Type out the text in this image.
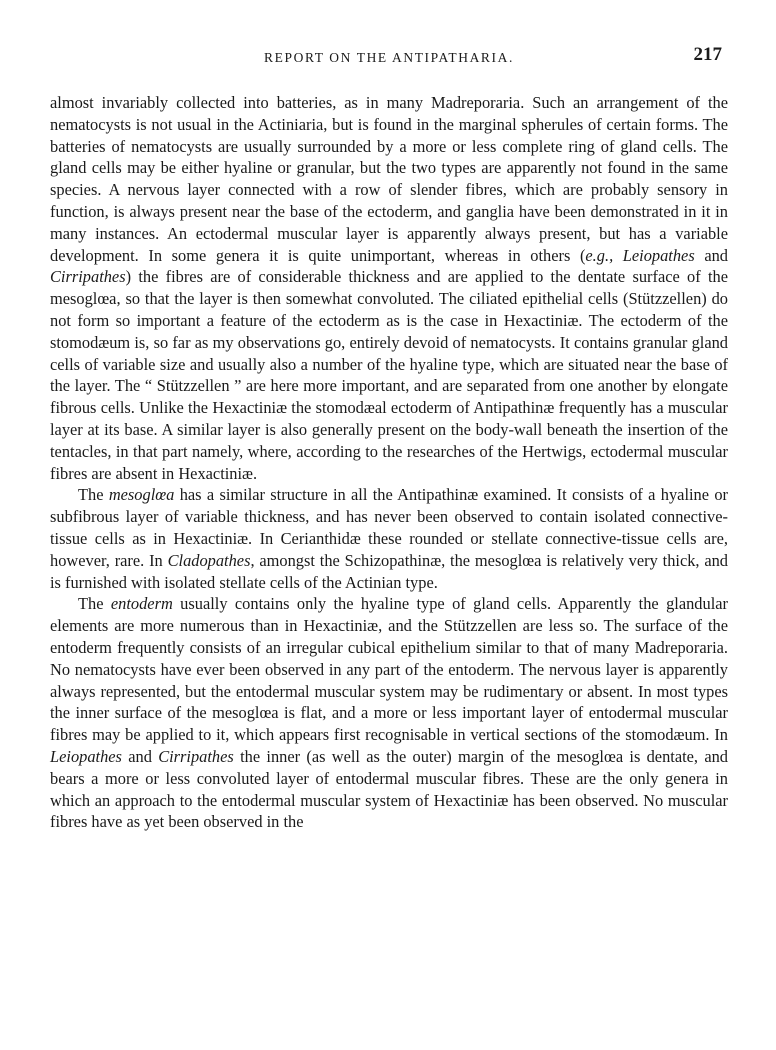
REPORT ON THE ANTIPATHARIA.	217

almost invariably collected into batteries, as in many Madreporaria. Such an arrangement of the nematocysts is not usual in the Actiniaria, but is found in the marginal spherules of certain forms. The batteries of nematocysts are usually surrounded by a more or less complete ring of gland cells. The gland cells may be either hyaline or granular, but the two types are apparently not found in the same species. A nervous layer connected with a row of slender fibres, which are probably sensory in function, is always present near the base of the ectoderm, and ganglia have been demonstrated in it in many instances. An ectodermal muscular layer is apparently always present, but has a variable development. In some genera it is quite unimportant, whereas in others (e.g., Leiopathes and Cirripathes) the fibres are of considerable thickness and are applied to the dentate surface of the mesoglœa, so that the layer is then somewhat convoluted. The ciliated epithelial cells (Stützzellen) do not form so important a feature of the ectoderm as is the case in Hexactiniæ. The ectoderm of the stomodæum is, so far as my observations go, entirely devoid of nematocysts. It contains granular gland cells of variable size and usually also a number of the hyaline type, which are situated near the base of the layer. The “ Stützzellen ” are here more important, and are separated from one another by elongate fibrous cells. Unlike the Hexactiniæ the stomodæal ectoderm of Antipathinæ frequently has a muscular layer at its base. A similar layer is also generally present on the body-wall beneath the insertion of the tentacles, in that part namely, where, according to the researches of the Hertwigs, ectodermal muscular fibres are absent in Hexactiniæ.

The mesoglœa has a similar structure in all the Antipathinæ examined. It consists of a hyaline or subfibrous layer of variable thickness, and has never been observed to contain isolated connective-tissue cells as in Hexactiniæ. In Cerianthidæ these rounded or stellate connective-tissue cells are, however, rare. In Cladopathes, amongst the Schizopathinæ, the mesoglœa is relatively very thick, and is furnished with isolated stellate cells of the Actinian type.

The entoderm usually contains only the hyaline type of gland cells. Apparently the glandular elements are more numerous than in Hexactiniæ, and the Stützzellen are less so. The surface of the entoderm frequently consists of an irregular cubical epithelium similar to that of many Madreporaria. No nematocysts have ever been observed in any part of the entoderm. The nervous layer is apparently always represented, but the entodermal muscular system may be rudimentary or absent. In most types the inner surface of the mesoglœa is flat, and a more or less important layer of entodermal muscular fibres may be applied to it, which appears first recognisable in vertical sections of the stomodæum. In Leiopathes and Cirripathes the inner (as well as the outer) margin of the mesoglœa is dentate, and bears a more or less convoluted layer of entodermal muscular fibres. These are the only genera in which an approach to the entodermal muscular system of Hexactiniæ has been observed. No muscular fibres have as yet been observed in the
